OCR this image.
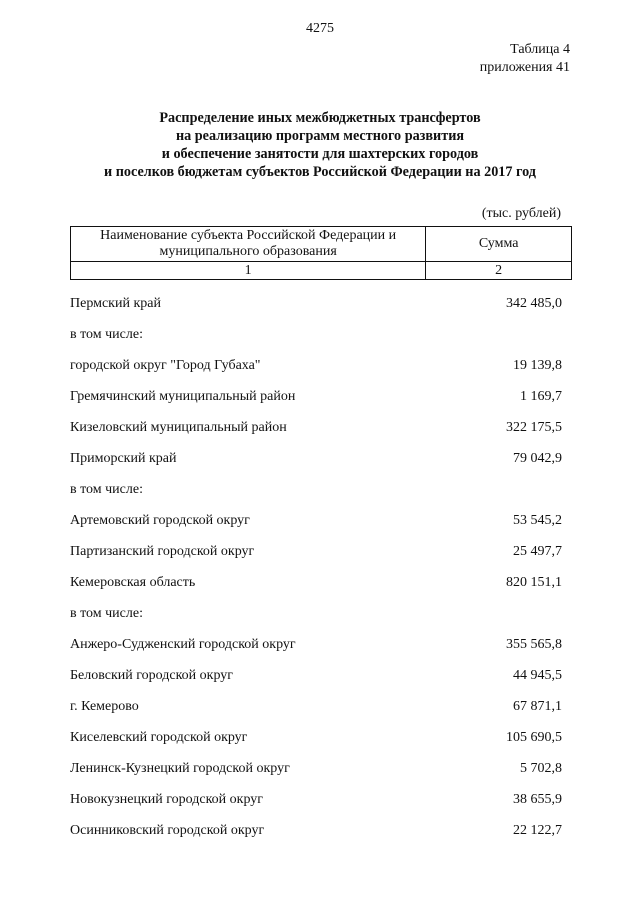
4275
Таблица 4
приложения 41
Распределение иных межбюджетных трансфертов
на реализацию программ местного развития
и обеспечение занятости для шахтерских городов
и поселков бюджетам субъектов Российской Федерации на 2017 год
(тыс. рублей)
Наименование субъекта Российской Федерации и
муниципального образования	Сумма
1	2
Пермский край	342 485,0
в том числе:
городской округ "Город Губаха"	19 139,8
Гремячинский муниципальный район	1 169,7
Кизеловский муниципальный район	322 175,5
Приморский край	79 042,9
в том числе:
Артемовский городской округ	53 545,2
Партизанский городской округ	25 497,7
Кемеровская область	820 151,1
в том числе:
Анжеро-Судженский городской округ	355 565,8
Беловский городской округ	44 945,5
г. Кемерово	67 871,1
Киселевский городской округ	105 690,5
Ленинск-Кузнецкий городской округ	5 702,8
Новокузнецкий городской округ	38 655,9
Осинниковский городской округ	22 122,7
